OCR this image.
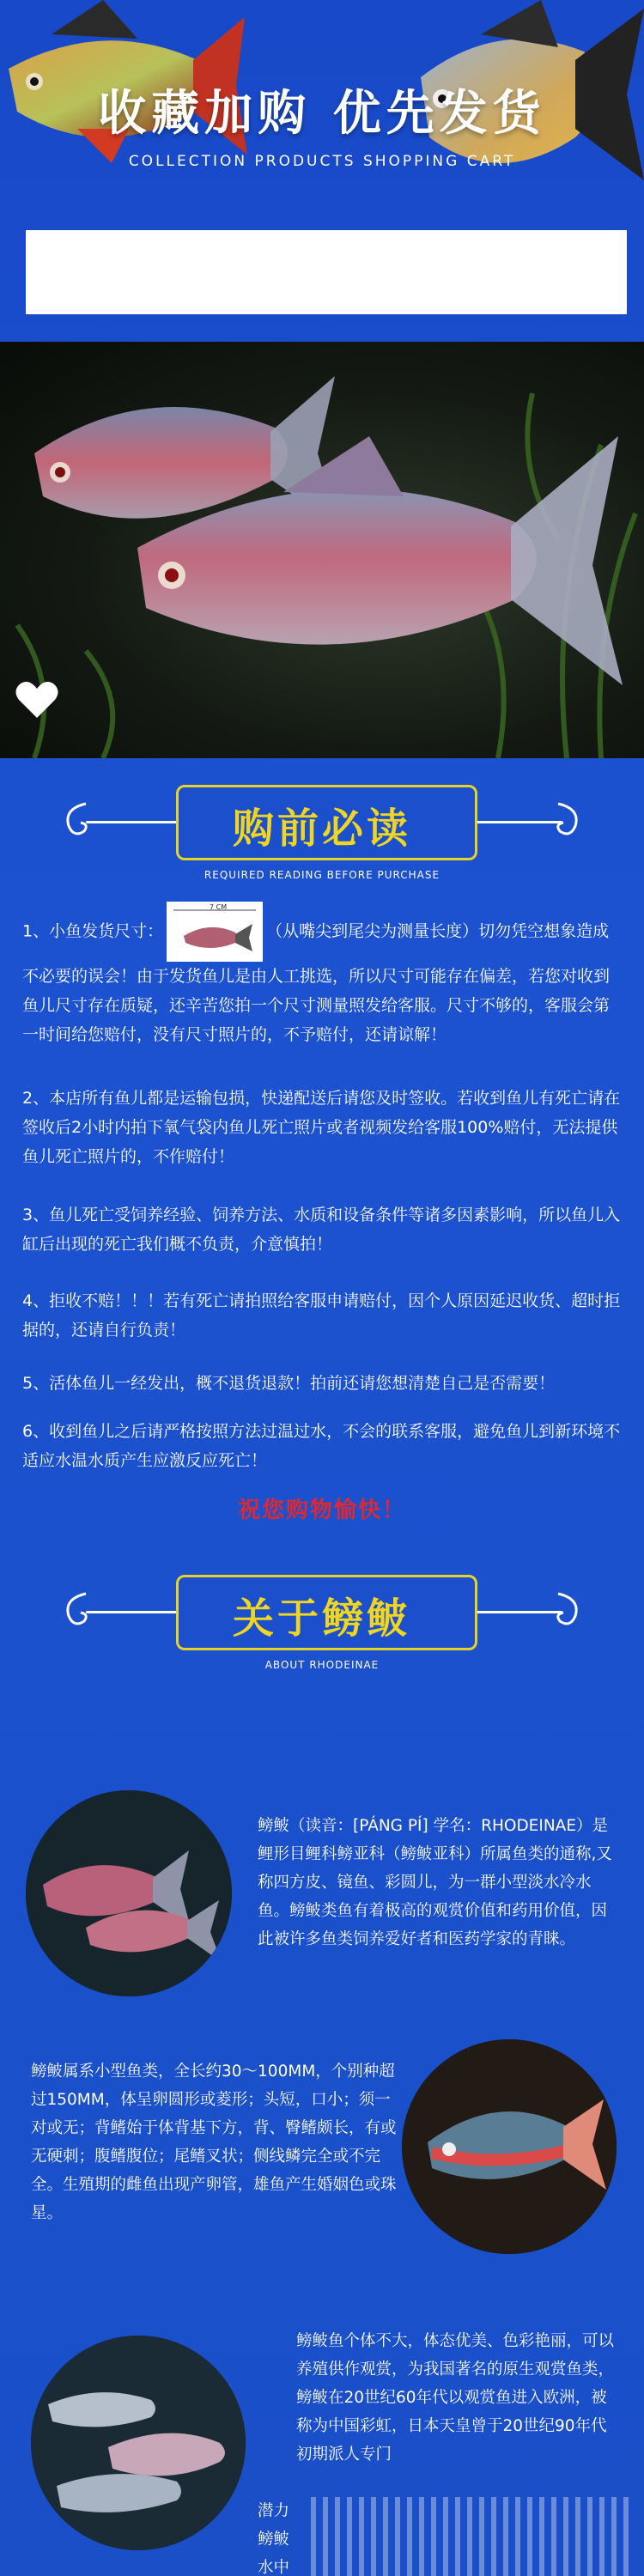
收藏加购 优先发货
COLLECTION PRODUCTS SHOPPING CART
购前必读
REQUIRED READING BEFORE PURCHASE
1、小鱼发货尺寸：
7 CM
（从嘴尖到尾尖为测量长度）切勿凭空想象造成不必要的误会！由于发货鱼儿是由人工挑选，所以尺寸可能存在偏差，若您对收到鱼儿尺寸存在质疑，还辛苦您拍一个尺寸测量照发给客服。尺寸不够的，客服会第一时间给您赔付，没有尺寸照片的，不予赔付，还请谅解！
2、本店所有鱼儿都是运输包损，快递配送后请您及时签收。若收到鱼儿有死亡请在签收后2小时内拍下氧气袋内鱼儿死亡照片或者视频发给客服100%赔付，无法提供鱼儿死亡照片的，不作赔付！
3、鱼儿死亡受饲养经验、饲养方法、水质和设备条件等诸多因素影响，所以鱼儿入缸后出现的死亡我们概不负责，介意慎拍！
4、拒收不赔！！！若有死亡请拍照给客服申请赔付，因个人原因延迟收货、超时拒据的，还请自行负责！
5、活体鱼儿一经发出，概不退货退款！拍前还请您想清楚自己是否需要！
6、收到鱼儿之后请严格按照方法过温过水，不会的联系客服，避免鱼儿到新环境不适应水温水质产生应激反应死亡！
祝您购物愉快！
关于鳑鲏
ABOUT RHODEINAE
鳑鲏（读音：[PÁNG PÍ] 学名：RHODEINAE）是鲤形目鲤科鳑亚科（鳑鲏亚科）所属鱼类的通称,又称四方皮、镜鱼、彩圆儿，为一群小型淡水冷水鱼。鳑鲏类鱼有着极高的观赏价值和药用价值，因此被许多鱼类饲养爱好者和医药学家的青睐。
鳑鲏属系小型鱼类，全长约30～100MM，个别种超过150MM，体呈卵圆形或菱形；头短，口小；须一对或无；背鳍始于体背基下方，背、臀鳍颇长，有或无硬刺；腹鳍腹位；尾鳍叉状；侧线鳞完全或不完全。生殖期的雌鱼出现产卵管，雄鱼产生婚姻色或珠星。
鳑鲏鱼个体不大，体态优美、色彩艳丽，可以养殖供作观赏，为我国著名的原生观赏鱼类，鳑鲏在20世纪60年代以观赏鱼进入欧洲，被称为中国彩虹，日本天皇曾于20世纪90年代初期派人专门
潜力
鳑鲏
水中
